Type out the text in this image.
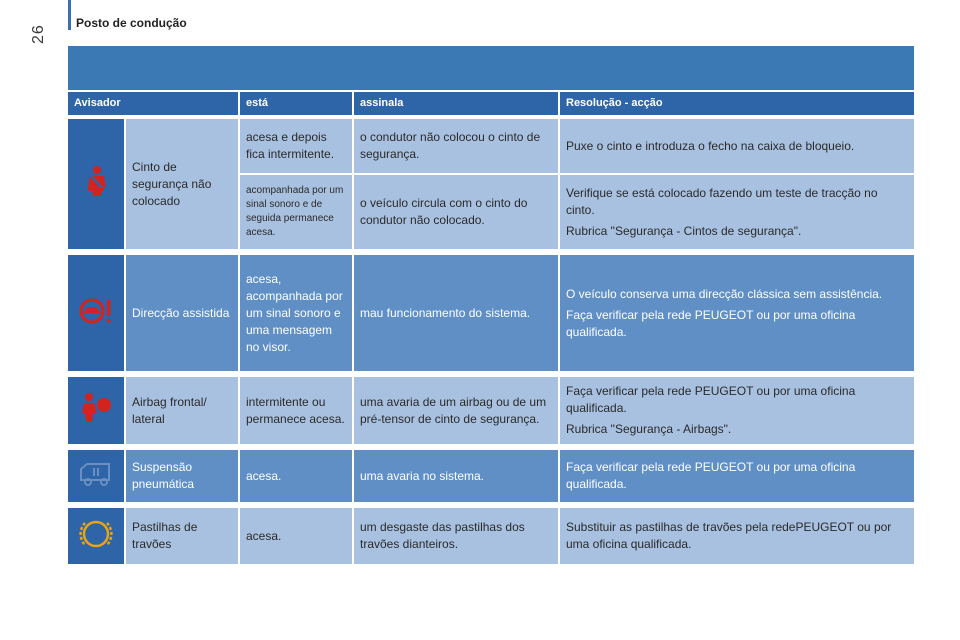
26
Posto de condução
Avisador		está	assinala	Resolução - acção

	Cinto de segurança não colocado	acesa e depois fica intermitente.	o condutor não colocou o cinto de segurança.	Puxe o cinto e introduza o fecho na caixa de bloqueio.

		acompanhada por um sinal sonoro e de seguida permanece acesa.	o veículo circula com o cinto do condutor não colocado.	Verifique se está colocado fazendo um teste de tracção no cinto.

Rubrica "Segurança - Cintos de segurança".

	Direcção assistida	acesa, acompanhada por um sinal sonoro e uma mensagem no visor.	mau funcionamento do sistema.	O veículo conserva uma direcção clássica sem assistência.

Faça verificar pela rede PEUGEOT ou por uma oficina qualificada.

	Airbag frontal/ lateral	intermitente ou permanece acesa.	uma avaria de um airbag ou de um pré-tensor de cinto de segurança.	Faça verificar pela rede PEUGEOT ou por uma oficina qualificada.

Rubrica "Segurança - Airbags".

	Suspensão pneumática	acesa.	uma avaria no sistema.	Faça verificar pela rede PEUGEOT ou por uma oficina qualificada.

	Pastilhas de travões	acesa.	um desgaste das pastilhas dos travões dianteiros.	Substituir as pastilhas de travões pela redePEUGEOT ou por uma oficina qualificada.
